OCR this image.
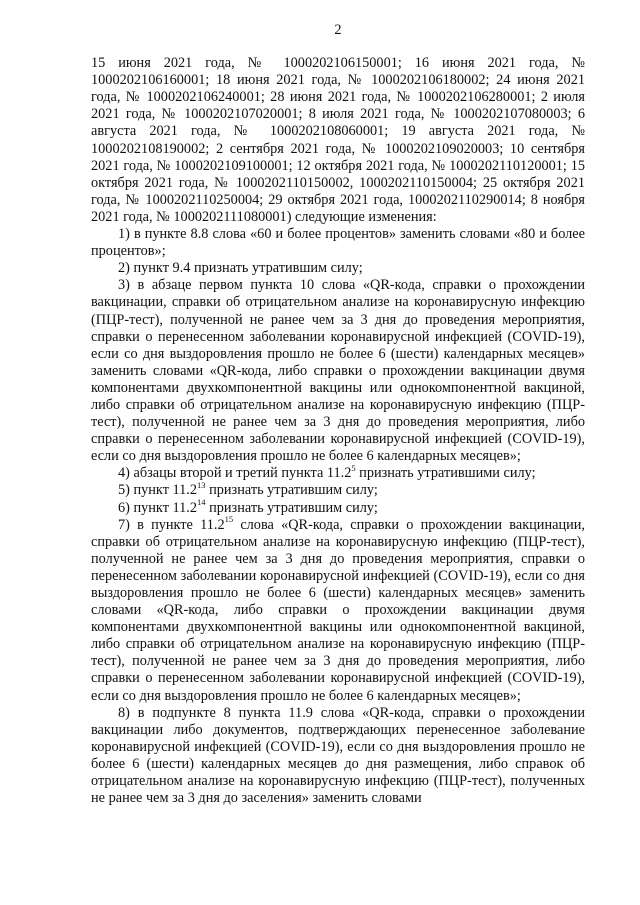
2

15 июня 2021 года, № 1000202106150001; 16 июня 2021 года, № 1000202106160001; 18 июня 2021 года, № 1000202106180002; 24 июня 2021 года, № 1000202106240001; 28 июня 2021 года, № 1000202106280001; 2 июля 2021 года, № 1000202107020001; 8 июля 2021 года, № 1000202107080003; 6 августа 2021 года, № 1000202108060001; 19 августа 2021 года, № 1000202108190002; 2 сентября 2021 года, № 1000202109020003; 10 сентября 2021 года, № 1000202109100001; 12 октября 2021 года, № 1000202110120001; 15 октября 2021 года, № 1000202110150002, 1000202110150004; 25 октября 2021 года, № 1000202110250004; 29 октября 2021 года, 1000202110290014; 8 ноября 2021 года, № 1000202111080001) следующие изменения:

1) в пункте 8.8 слова «60 и более процентов» заменить словами «80 и более процентов»;

2) пункт 9.4 признать утратившим силу;

3) в абзаце первом пункта 10 слова «QR-кода, справки о прохождении вакцинации, справки об отрицательном анализе на коронавирусную инфекцию (ПЦР-тест), полученной не ранее чем за 3 дня до проведения мероприятия, справки о перенесенном заболевании коронавирусной инфекцией (COVID-19), если со дня выздоровления прошло не более 6 (шести) календарных месяцев» заменить словами «QR-кода, либо справки о прохождении вакцинации двумя компонентами двухкомпонентной вакцины или однокомпонентной вакциной, либо справки об отрицательном анализе на коронавирусную инфекцию (ПЦР-тест), полученной не ранее чем за 3 дня до проведения мероприятия, либо справки о перенесенном заболевании коронавирусной инфекцией (COVID-19), если со дня выздоровления прошло не более 6 календарных месяцев»;

4) абзацы второй и третий пункта 11.2$^5$ признать утратившими силу;

5) пункт 11.2$^{13}$ признать утратившим силу;

6) пункт 11.2$^{14}$ признать утратившим силу;

7) в пункте 11.2$^{15}$ слова «QR-кода, справки о прохождении вакцинации, справки об отрицательном анализе на коронавирусную инфекцию (ПЦР-тест), полученной не ранее чем за 3 дня до проведения мероприятия, справки о перенесенном заболевании коронавирусной инфекцией (COVID-19), если со дня выздоровления прошло не более 6 (шести) календарных месяцев» заменить словами «QR-кода, либо справки о прохождении вакцинации двумя компонентами двухкомпонентной вакцины или однокомпонентной вакциной, либо справки об отрицательном анализе на коронавирусную инфекцию (ПЦР-тест), полученной не ранее чем за 3 дня до проведения мероприятия, либо справки о перенесенном заболевании коронавирусной инфекцией (COVID-19), если со дня выздоровления прошло не более 6 календарных месяцев»;

8) в подпункте 8 пункта 11.9 слова «QR-кода, справки о прохождении вакцинации либо документов, подтверждающих перенесенное заболевание коронавирусной инфекцией (COVID-19), если со дня выздоровления прошло не более 6 (шести) календарных месяцев до дня размещения, либо справок об отрицательном анализе на коронавирусную инфекцию (ПЦР-тест), полученных не ранее чем за 3 дня до заселения» заменить словами
